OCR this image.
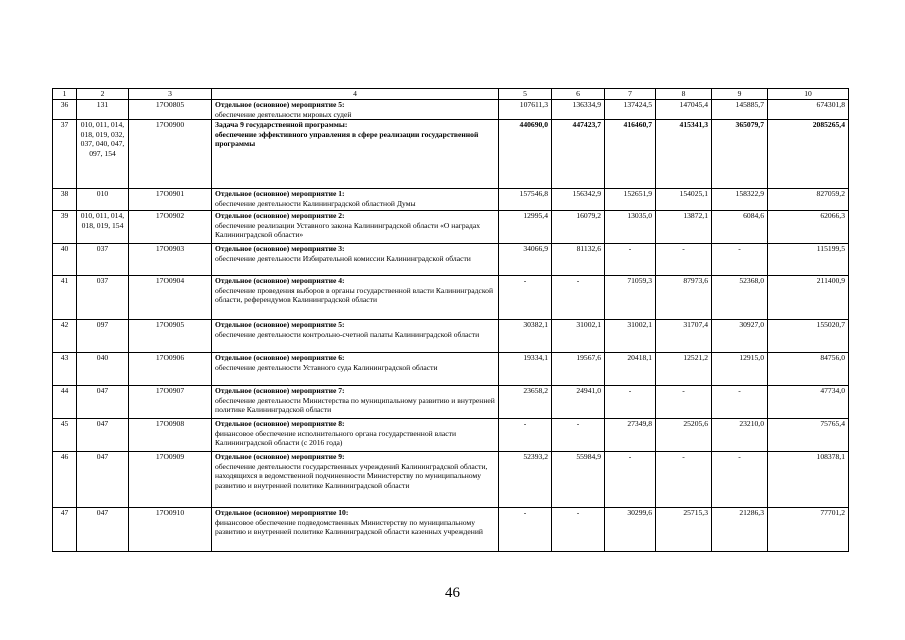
1	2	3	4	5	6	7	8	9	10
36	131	17О0805	Отдельное (основное) мероприятие 5:
обеспечение деятельности мировых судей	107611,3	136334,9	137424,5	147045,4	145885,7	674301,8
37	010, 011, 014, 018, 019, 032, 037, 040, 047, 097, 154	17О0900	Задача 9 государственной программы:
обеспечение эффективного управления в сфере реализации государственной программы	440690,0	447423,7	416460,7	415341,3	365079,7	2085265,4
38	010	17О0901	Отдельное (основное) мероприятие 1:
обеспечение деятельности Калининградской областной Думы	157546,8	156342,9	152651,9	154025,1	158322,9	827059,2
39	010, 011, 014, 018, 019, 154	17О0902	Отдельное (основное) мероприятие 2:
обеспечение реализации Уставного закона Калининградской области «О наградах Калининградской области»	12995,4	16079,2	13035,0	13872,1	6084,6	62066,3
40	037	17О0903	Отдельное (основное) мероприятие 3:
обеспечение деятельности Избирательной комиссии Калининградской области	34066,9	81132,6	-	-	-	115199,5
41	037	17О0904	Отдельное (основное) мероприятие 4:
обеспечение проведения выборов в органы государственной власти Калининградской области, референдумов Калининградской области	-	-	71059,3	87973,6	52368,0	211400,9
42	097	17О0905	Отдельное (основное) мероприятие 5:
обеспечение деятельности контрольно-счетной палаты Калининградской области	30382,1	31002,1	31002,1	31707,4	30927,0	155020,7
43	040	17О0906	Отдельное (основное) мероприятие 6:
обеспечение деятельности Уставного суда Калининградской области	19334,1	19567,6	20418,1	12521,2	12915,0	84756,0
44	047	17О0907	Отдельное (основное) мероприятие 7:
обеспечение деятельности Министерства по муниципальному развитию и внутренней политике Калининградской области	23658,2	24941,0	-	-	-	47734,0
45	047	17О0908	Отдельное (основное) мероприятие 8:
финансовое обеспечение исполнительного органа государственной власти Калининградской области (с 2016 года)	-	-	27349,8	25205,6	23210,0	75765,4
46	047	17О0909	Отдельное (основное) мероприятие 9:
обеспечение деятельности государственных учреждений Калининградской области, находящихся в ведомственной подчиненности Министерству по муниципальному развитию и внутренней политике Калининградской области	52393,2	55984,9	-	-	-	108378,1
47	047	17О0910	Отдельное (основное) мероприятие 10:
финансовое обеспечение подведомственных Министерству по муниципальному развитию и внутренней политике Калининградской области казенных учреждений	-	-	30299,6	25715,3	21286,3	77701,2
46
